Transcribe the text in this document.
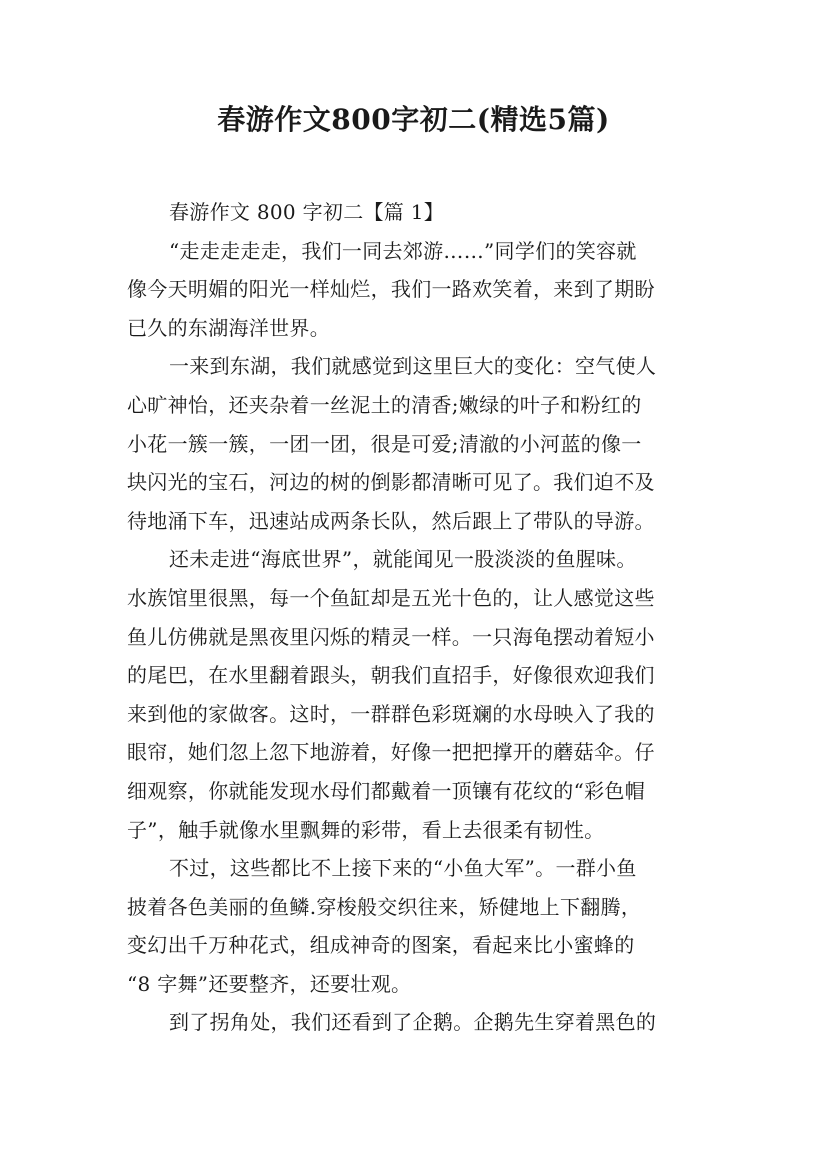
春游作文800字初二(精选5篇)
春游作文 800 字初二【篇 1】
“走走走走走，我们一同去郊游……”同学们的笑容就
像今天明媚的阳光一样灿烂，我们一路欢笑着，来到了期盼
已久的东湖海洋世界。
一来到东湖，我们就感觉到这里巨大的变化：空气使人
心旷神怡，还夹杂着一丝泥土的清香;嫩绿的叶子和粉红的
小花一簇一簇，一团一团，很是可爱;清澈的小河蓝的像一
块闪光的宝石，河边的树的倒影都清晰可见了。我们迫不及
待地涌下车，迅速站成两条长队，然后跟上了带队的导游。
还未走进“海底世界”，就能闻见一股淡淡的鱼腥味。
水族馆里很黑，每一个鱼缸却是五光十色的，让人感觉这些
鱼儿仿佛就是黑夜里闪烁的精灵一样。一只海龟摆动着短小
的尾巴，在水里翻着跟头，朝我们直招手，好像很欢迎我们
来到他的家做客。这时，一群群色彩斑斓的水母映入了我的
眼帘，她们忽上忽下地游着，好像一把把撑开的蘑菇伞。仔
细观察，你就能发现水母们都戴着一顶镶有花纹的“彩色帽
子”，触手就像水里飘舞的彩带，看上去很柔有韧性。
不过，这些都比不上接下来的“小鱼大军”。一群小鱼
披着各色美丽的鱼鳞.穿梭般交织往来，矫健地上下翻腾，
变幻出千万种花式，组成神奇的图案，看起来比小蜜蜂的
“8 字舞”还要整齐，还要壮观。
到了拐角处，我们还看到了企鹅。企鹅先生穿着黑色的
